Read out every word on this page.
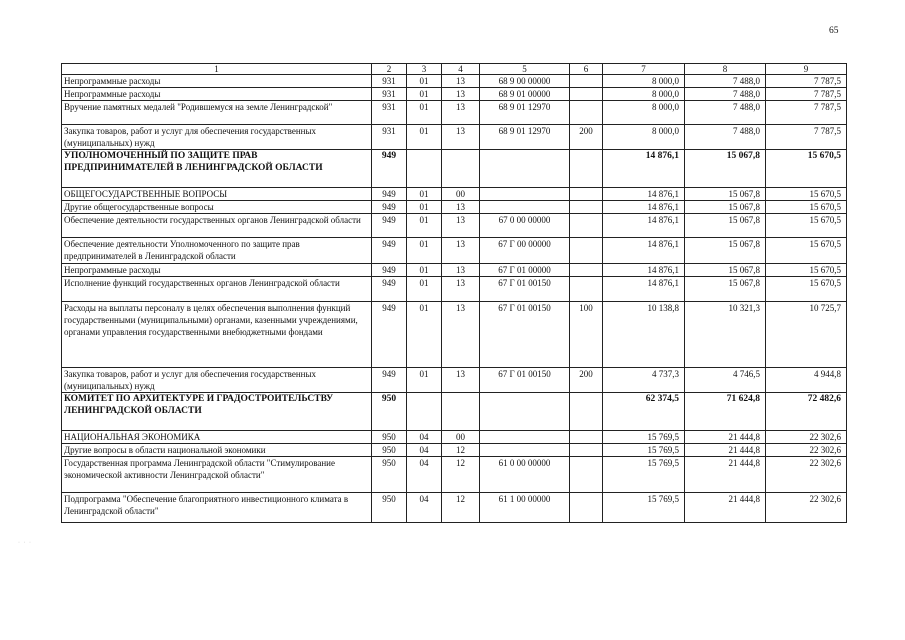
65
1	2	3	4	5	6	7	8	9
Непрограммные расходы	931	01	13	68 9 00 00000		8 000,0	7 488,0	7 787,5
Непрограммные расходы	931	01	13	68 9 01 00000		8 000,0	7 488,0	7 787,5
Вручение памятных медалей "Родившемуся на земле Ленинградской"	931	01	13	68 9 01 12970		8 000,0	7 488,0	7 787,5
Закупка товаров, работ и услуг для обеспечения государственных (муниципальных) нужд	931	01	13	68 9 01 12970	200	8 000,0	7 488,0	7 787,5
УПОЛНОМОЧЕННЫЙ ПО ЗАЩИТЕ ПРАВ ПРЕДПРИНИМАТЕЛЕЙ В ЛЕНИНГРАДСКОЙ ОБЛАСТИ	949					14 876,1	15 067,8	15 670,5
ОБЩЕГОСУДАРСТВЕННЫЕ ВОПРОСЫ	949	01	00			14 876,1	15 067,8	15 670,5
Другие общегосударственные вопросы	949	01	13			14 876,1	15 067,8	15 670,5
Обеспечение деятельности государственных органов Ленинградской области	949	01	13	67 0 00 00000		14 876,1	15 067,8	15 670,5
Обеспечение деятельности Уполномоченного по защите прав предпринимателей в Ленинградской области	949	01	13	67 Г 00 00000		14 876,1	15 067,8	15 670,5
Непрограммные расходы	949	01	13	67 Г 01 00000		14 876,1	15 067,8	15 670,5
Исполнение функций государственных органов Ленинградской области	949	01	13	67 Г 01 00150		14 876,1	15 067,8	15 670,5
Расходы на выплаты персоналу в целях обеспечения выполнения функций государственными (муниципальными) органами, казенными учреждениями, органами управления государственными внебюджетными фондами	949	01	13	67 Г 01 00150	100	10 138,8	10 321,3	10 725,7
Закупка товаров, работ и услуг для обеспечения государственных (муниципальных) нужд	949	01	13	67 Г 01 00150	200	4 737,3	4 746,5	4 944,8
КОМИТЕТ ПО АРХИТЕКТУРЕ И ГРАДОСТРОИТЕЛЬСТВУ ЛЕНИНГРАДСКОЙ ОБЛАСТИ	950					62 374,5	71 624,8	72 482,6
НАЦИОНАЛЬНАЯ ЭКОНОМИКА	950	04	00			15 769,5	21 444,8	22 302,6
Другие вопросы в области национальной экономики	950	04	12			15 769,5	21 444,8	22 302,6
Государственная программа Ленинградской области "Стимулирование экономической активности Ленинградской области"	950	04	12	61 0 00 00000		15 769,5	21 444,8	22 302,6
Подпрограмма "Обеспечение благоприятного инвестиционного климата в Ленинградской области"	950	04	12	61 1 00 00000		15 769,5	21 444,8	22 302,6
· · ·
